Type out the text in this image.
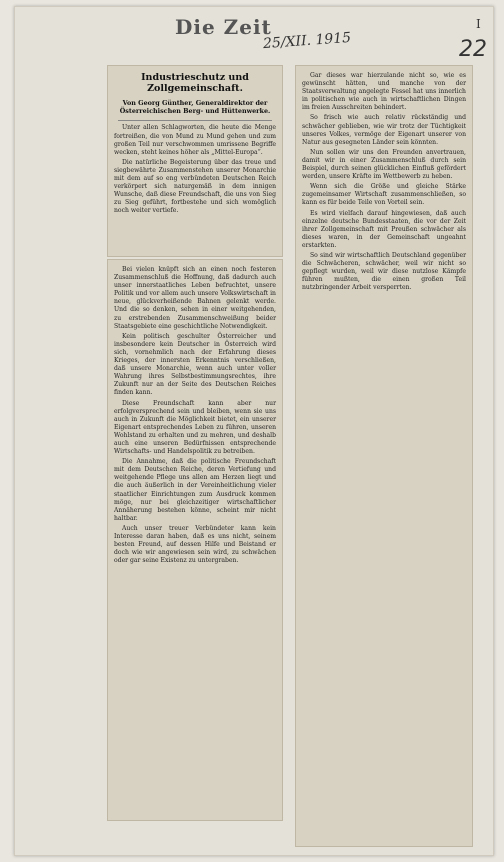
Die Zeit
25/XII. 1915
I
22
Industrieschutz und Zollgemeinschaft.
Von Georg Günther, Generaldirektor der Österreichischen Berg- und Hüttenwerke.

Unter allen Schlagworten, die heute die Menge fortreißen, die von Mund zu Mund gehen und zum großen Teil nur verschwommen umrissene Begriffe wecken, steht keines höher als „Mittel-Europa“.

Die natürliche Begeisterung über das treue und siegbewährte Zusammenstehen unserer Monarchie mit dem auf so eng verbündeten Deutschen Reich verkörpert sich naturgemäß in dem innigen Wunsche, daß diese Freundschaft, die uns von Sieg zu Sieg geführt, fortbestehe und sich womöglich noch weiter vertiefe.

Bei vielen knüpft sich an einen noch festeren Zusammenschluß die Hoffnung, daß dadurch auch unser innerstaatliches Leben befruchtet, unsere Politik und vor allem auch unsere Volkswirtschaft in neue, glückverheißende Bahnen gelenkt werde. Und die so denken, sehen in einer weitgehenden, zu erstrebenden Zusammenschweißung beider Staatsgebiete eine geschichtliche Notwendigkeit.

Kein politisch geschulter Österreicher und insbesondere kein Deutscher in Österreich wird sich, vornehmlich nach der Erfahrung dieses Krieges, der innersten Erkenntnis verschließen, daß unsere Monarchie, wenn auch unter voller Wahrung ihres Selbstbestimmungsrechtes, ihre Zukunft nur an der Seite des Deutschen Reiches finden kann.

Diese Freundschaft kann aber nur erfolgversprechend sein und bleiben, wenn sie uns auch in Zukunft die Möglichkeit bietet, ein unserer Eigenart entsprechendes Leben zu führen, unseren Wohlstand zu erhalten und zu mehren, und deshalb auch eine unseren Bedürfnissen entsprechende Wirtschafts- und Handelspolitik zu betreiben.

Die Annahme, daß die politische Freundschaft mit dem Deutschen Reiche, deren Vertiefung und weitgehende Pflege uns allen am Herzen liegt und die auch äußerlich in der Vereinheitlichung vieler staatlicher Einrichtungen zum Ausdruck kommen möge, nur bei gleichzeitiger wirtschaftlicher Annäherung bestehen könne, scheint mir nicht haltbar.

Auch unser treuer Verbündeter kann kein Interesse daran haben, daß es uns nicht, seinem besten Freund, auf dessen Hilfe und Beistand er doch wie wir angewiesen sein wird, zu schwächen oder gar seine Existenz zu untergraben.

Gar dieses war hierzulande nicht so, wie es gewünscht hätten, und manche von der Staatsverwaltung angelegte Fessel hat uns innerlich in politischen wie auch in wirtschaftlichen Dingen im freien Ausschreiten behindert.

So frisch wie auch relativ rückständig und schwächer geblieben, wie wir trotz der Tüchtigkeit unseres Volkes, vermöge der Eigenart unserer von Natur aus gesegneten Länder sein könnten.

Nun sollen wir uns den Freunden anvertrauen, damit wir in einer Zusammenschluß durch sein Beispiel, durch seinen glücklichen Einfluß gefördert werden, unsere Kräfte im Wettbewerb zu heben.

Wenn sich die Größe und gleiche Stärke zugemeinsamer Wirtschaft zusammenschließen, so kann es für beide Teile von Vorteil sein.

Es wird vielfach darauf hingewiesen, daß auch einzelne deutsche Bundesstaaten, die vor der Zeit ihrer Zollgemeinschaft mit Preußen schwächer als dieses waren, in der Gemeinschaft ungeahnt erstarkten.

So sind wir wirtschaftlich Deutschland gegenüber die Schwächeren, schwächer, weil wir nicht so gepflegt wurden, weil wir diese nutzlose Kämpfe führen mußten, die einen großen Teil nutzbringender Arbeit versperrten.
